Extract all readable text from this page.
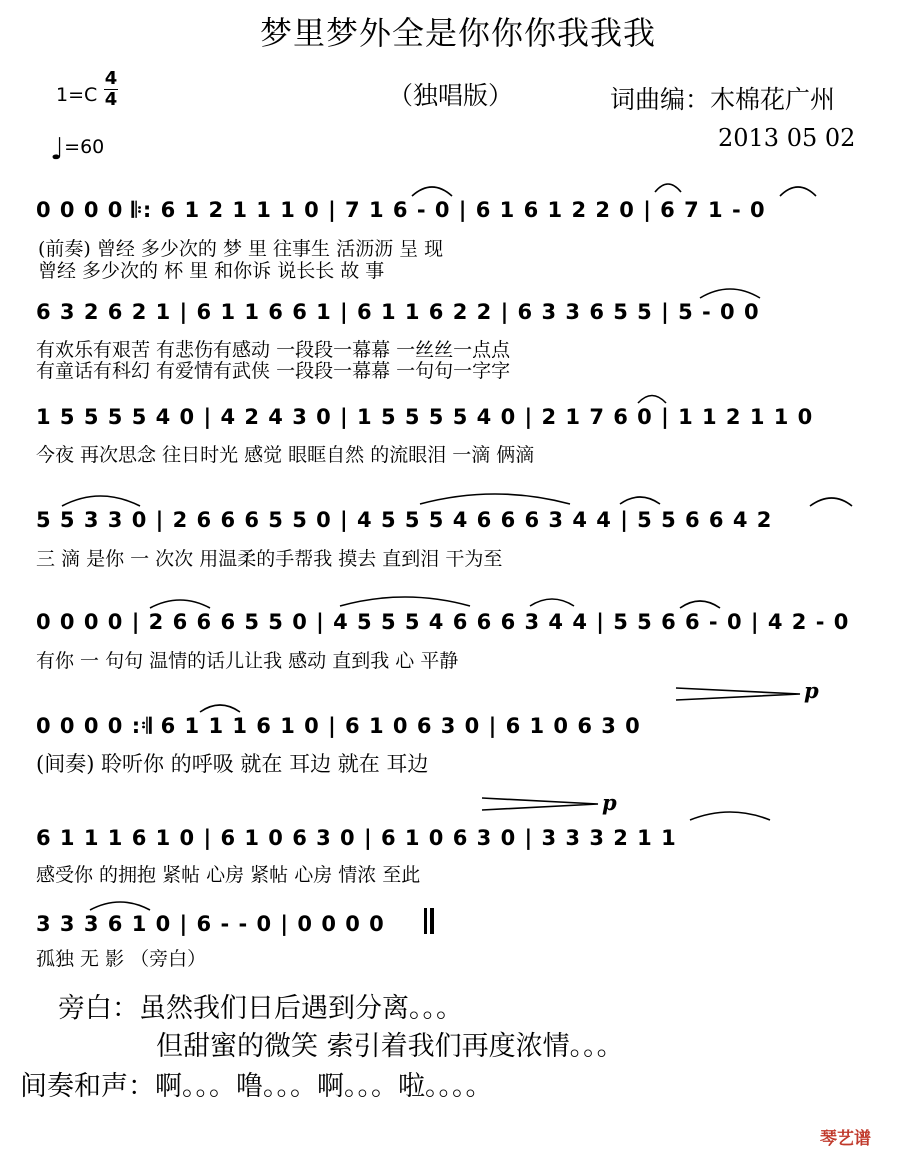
梦里梦外全是你你你我我我
1=C
4
4	（独唱版）	词曲编：木棉花广州
2013 05 02
♩=60
0 0 0 0 𝄆: 6 1 2 1 1 1 0 | 7 1 6 - 0 | 6 1 6 1 2 2 0 | 6 7 1 - 0
(前奏) 曾经 多少次的 梦 里 往事生 活沥沥 呈 现
曾经 多少次的 杯 里 和你诉 说长长 故 事
6 3 2 6 2 1 | 6 1 1 6 6 1 | 6 1 1 6 2 2 | 6 3 3 6 5 5 | 5 - 0 0
有欢乐有艰苦 有悲伤有感动 一段段一幕幕 一丝丝一点点
有童话有科幻 有爱情有武侠 一段段一幕幕 一句句一字字
1 5 5 5 5 4 0 | 4 2 4 3 0 | 1 5 5 5 5 4 0 | 2 1 7 6 0 | 1 1 2 1 1 0
今夜 再次思念 往日时光 感觉 眼眶自然 的流眼泪 一滴 俩滴
5 5 3 3 0 | 2 6 6 6 5 5 0 | 4 5 5 5 4 6 6 6 3 4 4 | 5 5 6 6 4 2
三 滴 是你 一 次次 用温柔的手帮我 摸去 直到泪 干为至
0 0 0 0 | 2 6 6 6 5 5 0 | 4 5 5 5 4 6 6 6 3 4 4 | 5 5 6 6 - 0 | 4 2 - 0
有你 一 句句 温情的话儿让我 感动 直到我 心 平静
0 0 0 0 :𝄇 6 1 1 1 6 1 0 | 6 1 0 6 3 0 | 6 1 0 6 3 0
(间奏) 聆听你 的呼吸 就在 耳边 就在 耳边
p
6 1 1 1 6 1 0 | 6 1 0 6 3 0 | 6 1 0 6 3 0 | 3 3 3 2 1 1
感受你 的拥抱 紧帖 心房 紧帖 心房 情浓 至此
p
3 3 3 6 1 0 | 6 - - 0 | 0 0 0 0
孤独 无 影 （旁白）
旁白：虽然我们日后遇到分离。。。
但甜蜜的微笑 索引着我们再度浓情。。。
间奏和声：啊。。。噜。。。啊。。。啦。。。。
琴艺谱
